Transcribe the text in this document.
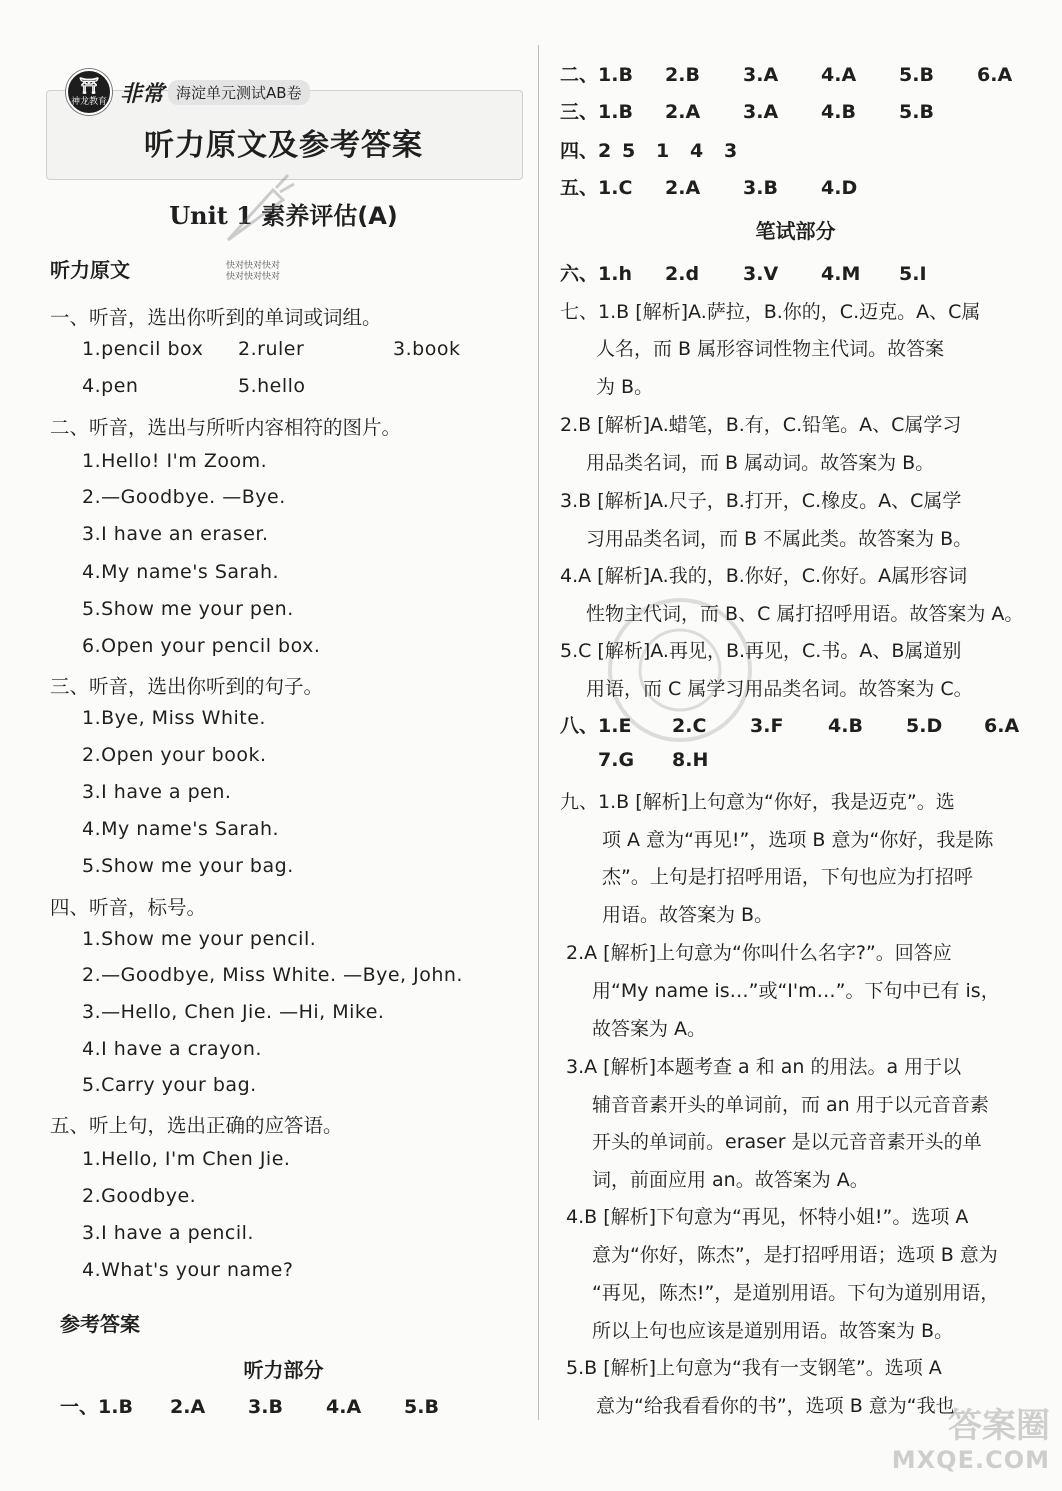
⛩
神龙教育 非常 海淀单元测试AB卷
听力原文及参考答案
Unit 1 素养评估(A)
听力原文	快对快对快对
快对快对快对
一、听音，选出你听到的单词或词组。
1.pencil box 2.ruler	3.book
4.pen	5.hello
二、听音，选出与所听内容相符的图片。
1.Hello! I'm Zoom.
2.—Goodbye. —Bye.
3.I have an eraser.
4.My name's Sarah.
5.Show me your pen.
6.Open your pencil box.
三、听音，选出你听到的句子。
1.Bye, Miss White.
2.Open your book.
3.I have a pen.
4.My name's Sarah.
5.Show me your bag.
四、听音，标号。
1.Show me your pencil.
2.—Goodbye, Miss White. —Bye, John.
3.—Hello, Chen Jie. —Hi, Mike.
4.I have a crayon.
5.Carry your bag.
五、听上句，选出正确的应答语。
1.Hello, I'm Chen Jie.
2.Goodbye.
3.I have a pencil.
4.What's your name?
参考答案
听力部分
一、1.B 2.A 3.B 4.A 5.B
二、1.B 2.B 3.A 4.A 5.B 6.A
三、1.B 2.A 3.A 4.B 5.B
四、2 5 1 4 3
五、1.C 2.A 3.B 4.D
笔试部分
六、1.h 2.d 3.V 4.M 5.I
七、1.B [解析]A.萨拉，B.你的，C.迈克。A、C属
人名，而 B 属形容词性物主代词。故答案
为 B。
2.B [解析]A.蜡笔，B.有，C.铅笔。A、C属学习
用品类名词，而 B 属动词。故答案为 B。
3.B [解析]A.尺子，B.打开，C.橡皮。A、C属学
习用品类名词，而 B 不属此类。故答案为 B。
4.A [解析]A.我的，B.你好，C.你好。A属形容词
性物主代词，而 B、C 属打招呼用语。故答案为 A。
5.C [解析]A.再见，B.再见，C.书。A、B属道别
用语，而 C 属学习用品类名词。故答案为 C。
八、1.E 2.C 3.F 4.B 5.D 6.A
7.G 8.H
九、1.B [解析]上句意为“你好，我是迈克”。选
项 A 意为“再见!”，选项 B 意为“你好，我是陈
杰”。上句是打招呼用语，下句也应为打招呼
用语。故答案为 B。
2.A [解析]上句意为“你叫什么名字?”。回答应
用“My name is…”或“I'm…”。下句中已有 is，
故答案为 A。
3.A [解析]本题考查 a 和 an 的用法。a 用于以
辅音音素开头的单词前，而 an 用于以元音音素
开头的单词前。eraser 是以元音音素开头的单
词，前面应用 an。故答案为 A。
4.B [解析]下句意为“再见，怀特小姐!”。选项 A
意为“你好，陈杰”，是打招呼用语；选项 B 意为
“再见，陈杰!”，是道别用语。下句为道别用语，
所以上句也应该是道别用语。故答案为 B。
5.B [解析]上句意为“我有一支钢笔”。选项 A
意为“给我看看你的书”，选项 B 意为“我也
答案圈
MXQE.COM
